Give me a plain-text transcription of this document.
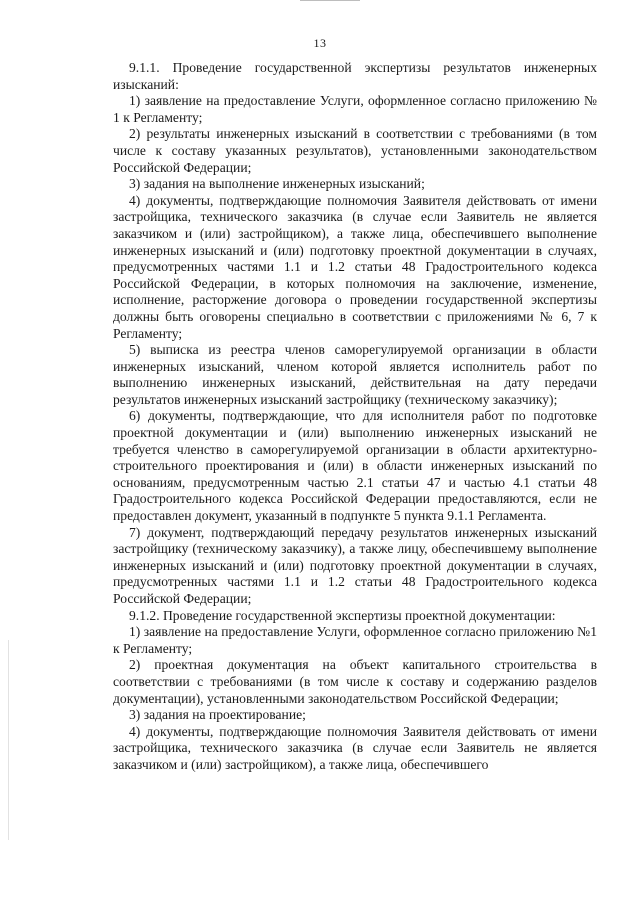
13

9.1.1. Проведение государственной экспертизы результатов инженерных изысканий:

1) заявление на предоставление Услуги, оформленное согласно приложению № 1 к Регламенту;

2) результаты инженерных изысканий в соответствии с требованиями (в том числе к составу указанных результатов), установленными законодательством Российской Федерации;

3) задания на выполнение инженерных изысканий;

4) документы, подтверждающие полномочия Заявителя действовать от имени застройщика, технического заказчика (в случае если Заявитель не является заказчиком и (или) застройщиком), а также лица, обеспечившего выполнение инженерных изысканий и (или) подготовку проектной документации в случаях, предусмотренных частями 1.1 и 1.2 статьи 48 Градостроительного кодекса Российской Федерации, в которых полномочия на заключение, изменение, исполнение, расторжение договора о проведении государственной экспертизы должны быть оговорены специально в соответствии с приложениями № 6, 7 к Регламенту;

5) выписка из реестра членов саморегулируемой организации в области инженерных изысканий, членом которой является исполнитель работ по выполнению инженерных изысканий, действительная на дату передачи результатов инженерных изысканий застройщику (техническому заказчику);

6) документы, подтверждающие, что для исполнителя работ по подготовке проектной документации и (или) выполнению инженерных изысканий не требуется членство в саморегулируемой организации в области архитектурно-строительного проектирования и (или) в области инженерных изысканий по основаниям, предусмотренным частью 2.1 статьи 47 и частью 4.1 статьи 48 Градостроительного кодекса Российской Федерации предоставляются, если не предоставлен документ, указанный в подпункте 5 пункта 9.1.1 Регламента.

7) документ, подтверждающий передачу результатов инженерных изысканий застройщику (техническому заказчику), а также лицу, обеспечившему выполнение инженерных изысканий и (или) подготовку проектной документации в случаях, предусмотренных частями 1.1 и 1.2 статьи 48 Градостроительного кодекса Российской Федерации;

9.1.2. Проведение государственной экспертизы проектной документации:

1) заявление на предоставление Услуги, оформленное согласно приложению №1 к Регламенту;

2) проектная документация на объект капитального строительства в соответствии с требованиями (в том числе к составу и содержанию разделов документации), установленными законодательством Российской Федерации;

3) задания на проектирование;

4) документы, подтверждающие полномочия Заявителя действовать от имени застройщика, технического заказчика (в случае если Заявитель не является заказчиком и (или) застройщиком), а также лица, обеспечившего
